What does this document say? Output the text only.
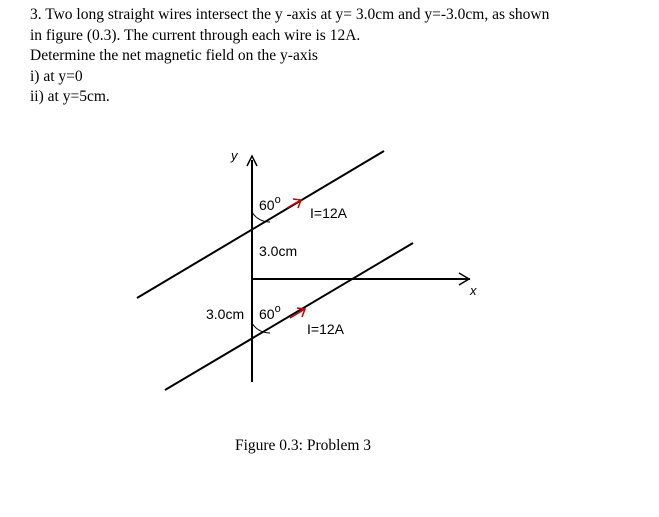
3. Two long straight wires intersect the y -axis at y= 3.0cm and y=-3.0cm, as shown
in figure (0.3). The current through each wire is 12A.
Determine the net magnetic field on the y-axis
i) at y=0
ii) at y=5cm.
y
x
60$^o$
I=12A
3.0cm
3.0cm 60$^o$
I=12A
Figure 0.3: Problem 3
